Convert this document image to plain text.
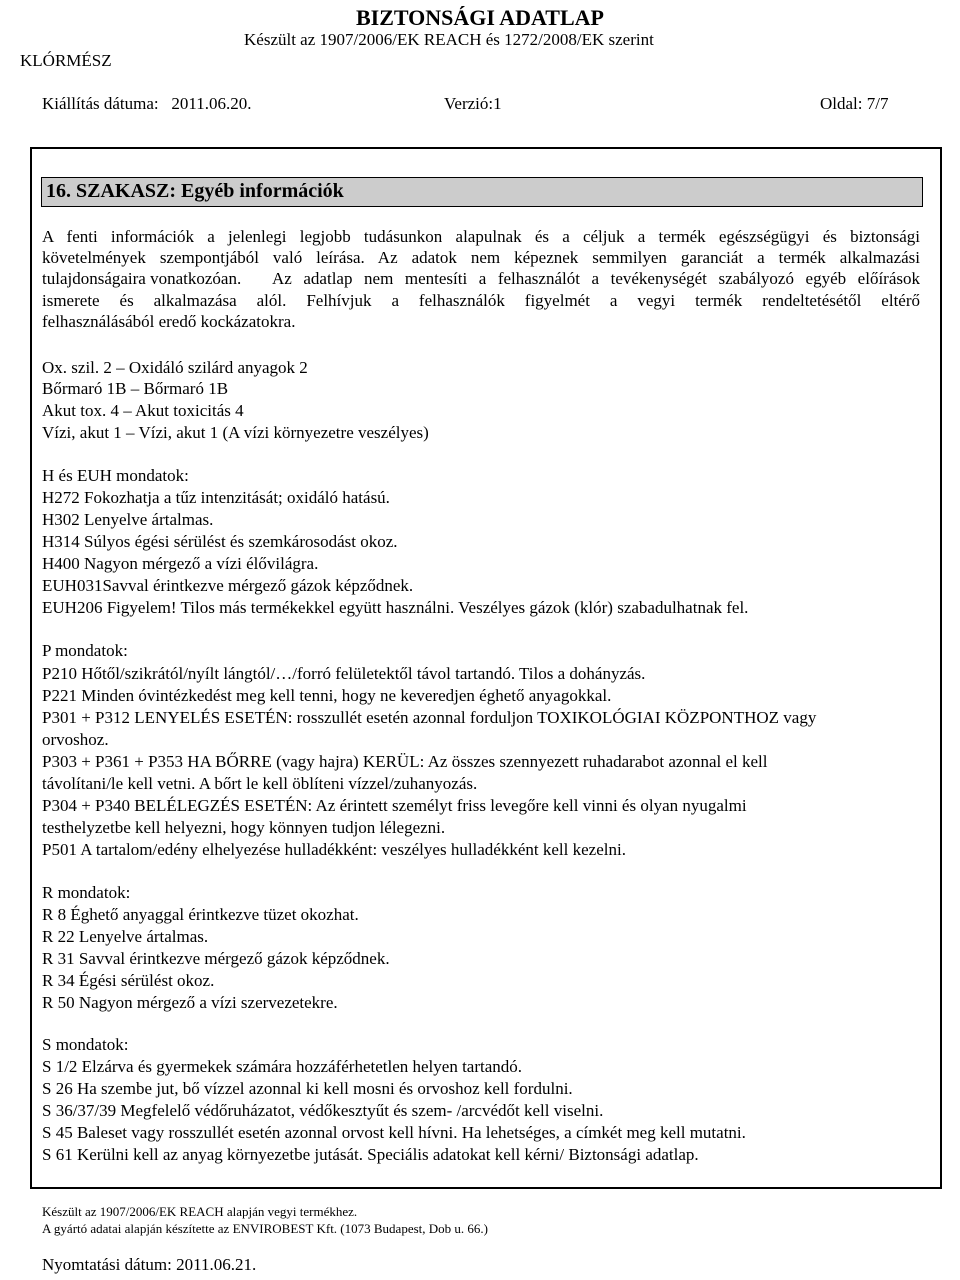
BIZTONSÁGI ADATLAP
Készült az 1907/2006/EK REACH és 1272/2008/EK szerint
KLÓRMÉSZ
Kiállítás dátuma:   2011.06.20.	Verzió:1	Oldal: 7/7
16. SZAKASZ: Egyéb információk
A fenti információk a jelenlegi legjobb tudásunkon alapulnak és a céljuk a termék egészségügyi és biztonsági
követelmények szempontjából való leírása. Az adatok nem képeznek semmilyen garanciát a termék alkalmazási
tulajdonságaira vonatkozóan. Az adatlap nem mentesíti a felhasználót a tevékenységét szabályozó egyéb előírások
ismerete és alkalmazása alól. Felhívjuk a felhasználók figyelmét a vegyi termék rendeltetésétől eltérő
felhasználásából eredő kockázatokra.
Ox. szil. 2 – Oxidáló szilárd anyagok 2
Bőrmaró 1B – Bőrmaró 1B
Akut tox. 4 – Akut toxicitás 4
Vízi, akut 1 – Vízi, akut 1 (A vízi környezetre veszélyes)
H és EUH mondatok:
H272 Fokozhatja a tűz intenzitását; oxidáló hatású.
H302 Lenyelve ártalmas.
H314 Súlyos égési sérülést és szemkárosodást okoz.
H400 Nagyon mérgező a vízi élővilágra.
EUH031Savval érintkezve mérgező gázok képződnek.
EUH206 Figyelem! Tilos más termékekkel együtt használni. Veszélyes gázok (klór) szabadulhatnak fel.
P mondatok:
P210 Hőtől/szikrától/nyílt lángtól/…/forró felületektől távol tartandó. Tilos a dohányzás.
P221 Minden óvintézkedést meg kell tenni, hogy ne keveredjen éghető anyagokkal.
P301 + P312 LENYELÉS ESETÉN: rosszullét esetén azonnal forduljon TOXIKOLÓGIAI KÖZPONTHOZ vagy
orvoshoz.
P303 + P361 + P353 HA BŐRRE (vagy hajra) KERÜL: Az összes szennyezett ruhadarabot azonnal el kell
távolítani/le kell vetni. A bőrt le kell öblíteni vízzel/zuhanyozás.
P304 + P340 BELÉLEGZÉS ESETÉN: Az érintett személyt friss levegőre kell vinni és olyan nyugalmi
testhelyzetbe kell helyezni, hogy könnyen tudjon lélegezni.
P501 A tartalom/edény elhelyezése hulladékként: veszélyes hulladékként kell kezelni.
R mondatok:
R 8 Éghető anyaggal érintkezve tüzet okozhat.
R 22 Lenyelve ártalmas.
R 31 Savval érintkezve mérgező gázok képződnek.
R 34 Égési sérülést okoz.
R 50 Nagyon mérgező a vízi szervezetekre.
S mondatok:
S 1/2 Elzárva és gyermekek számára hozzáférhetetlen helyen tartandó.
S 26 Ha szembe jut, bő vízzel azonnal ki kell mosni és orvoshoz kell fordulni.
S 36/37/39 Megfelelő védőruházatot, védőkesztyűt és szem- /arcvédőt kell viselni.
S 45 Baleset vagy rosszullét esetén azonnal orvost kell hívni. Ha lehetséges, a címkét meg kell mutatni.
S 61 Kerülni kell az anyag környezetbe jutását. Speciális adatokat kell kérni/ Biztonsági adatlap.
Készült az 1907/2006/EK REACH alapján vegyi termékhez.
A gyártó adatai alapján készítette az ENVIROBEST Kft. (1073 Budapest, Dob u. 66.)
Nyomtatási dátum: 2011.06.21.
